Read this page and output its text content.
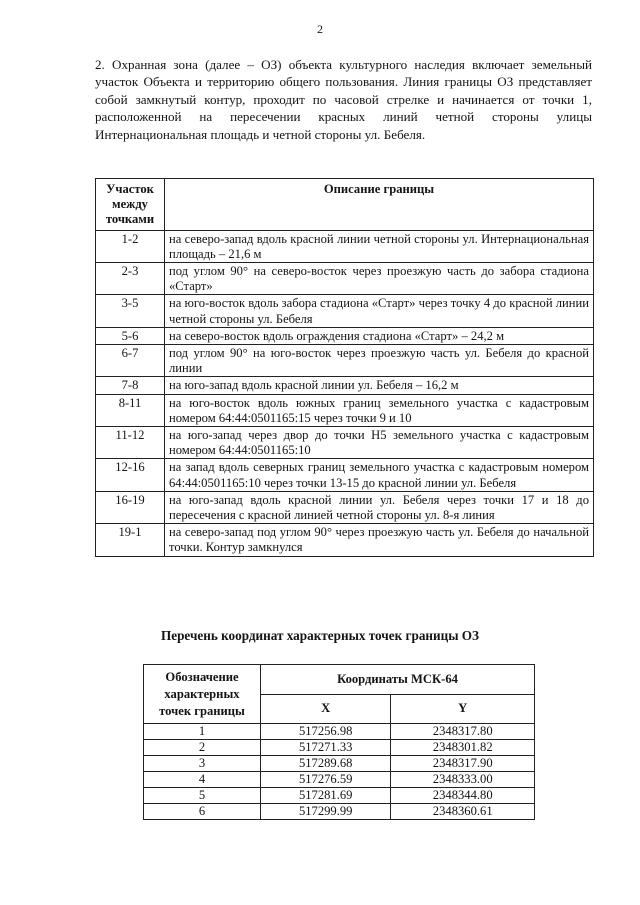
2

2. Охранная зона (далее – ОЗ) объекта культурного наследия включает земельный участок Объекта и территорию общего пользования. Линия границы ОЗ представляет собой замкнутый контур, проходит по часовой стрелке и начинается от точки 1, расположенной на пересечении красных линий четной стороны улицы Интернациональная площадь и четной стороны ул. Бебеля.

Участок между точками	Описание границы
1-2	на северо-запад вдоль красной линии четной стороны ул. Интернациональная площадь – 21,6 м
2-3	под углом 90° на северо-восток через проезжую часть до забора стадиона «Старт»
3-5	на юго-восток вдоль забора стадиона «Старт» через точку 4 до красной линии четной стороны ул. Бебеля
5-6	на северо-восток вдоль ограждения стадиона «Старт» – 24,2 м
6-7	под углом 90° на юго-восток через проезжую часть ул. Бебеля до красной линии
7-8	на юго-запад вдоль красной линии ул. Бебеля – 16,2 м
8-11	на юго-восток вдоль южных границ земельного участка с кадастровым номером 64:44:0501165:15 через точки 9 и 10
11-12	на юго-запад через двор до точки Н5 земельного участка с кадастровым номером 64:44:0501165:10
12-16	на запад вдоль северных границ земельного участка с кадастровым номером 64:44:0501165:10 через точки 13-15 до красной линии ул. Бебеля
16-19	на юго-запад вдоль красной линии ул. Бебеля через точки 17 и 18 до пересечения с красной линией четной стороны ул. 8-я линия
19-1	на северо-запад под углом 90° через проезжую часть ул. Бебеля до начальной точки. Контур замкнулся
Перечень координат характерных точек границы ОЗ
Обозначение характерных точек границы	Координаты МСК-64	
	X	Y
1	517256.98	2348317.80
2	517271.33	2348301.82
3	517289.68	2348317.90
4	517276.59	2348333.00
5	517281.69	2348344.80
6	517299.99	2348360.61
